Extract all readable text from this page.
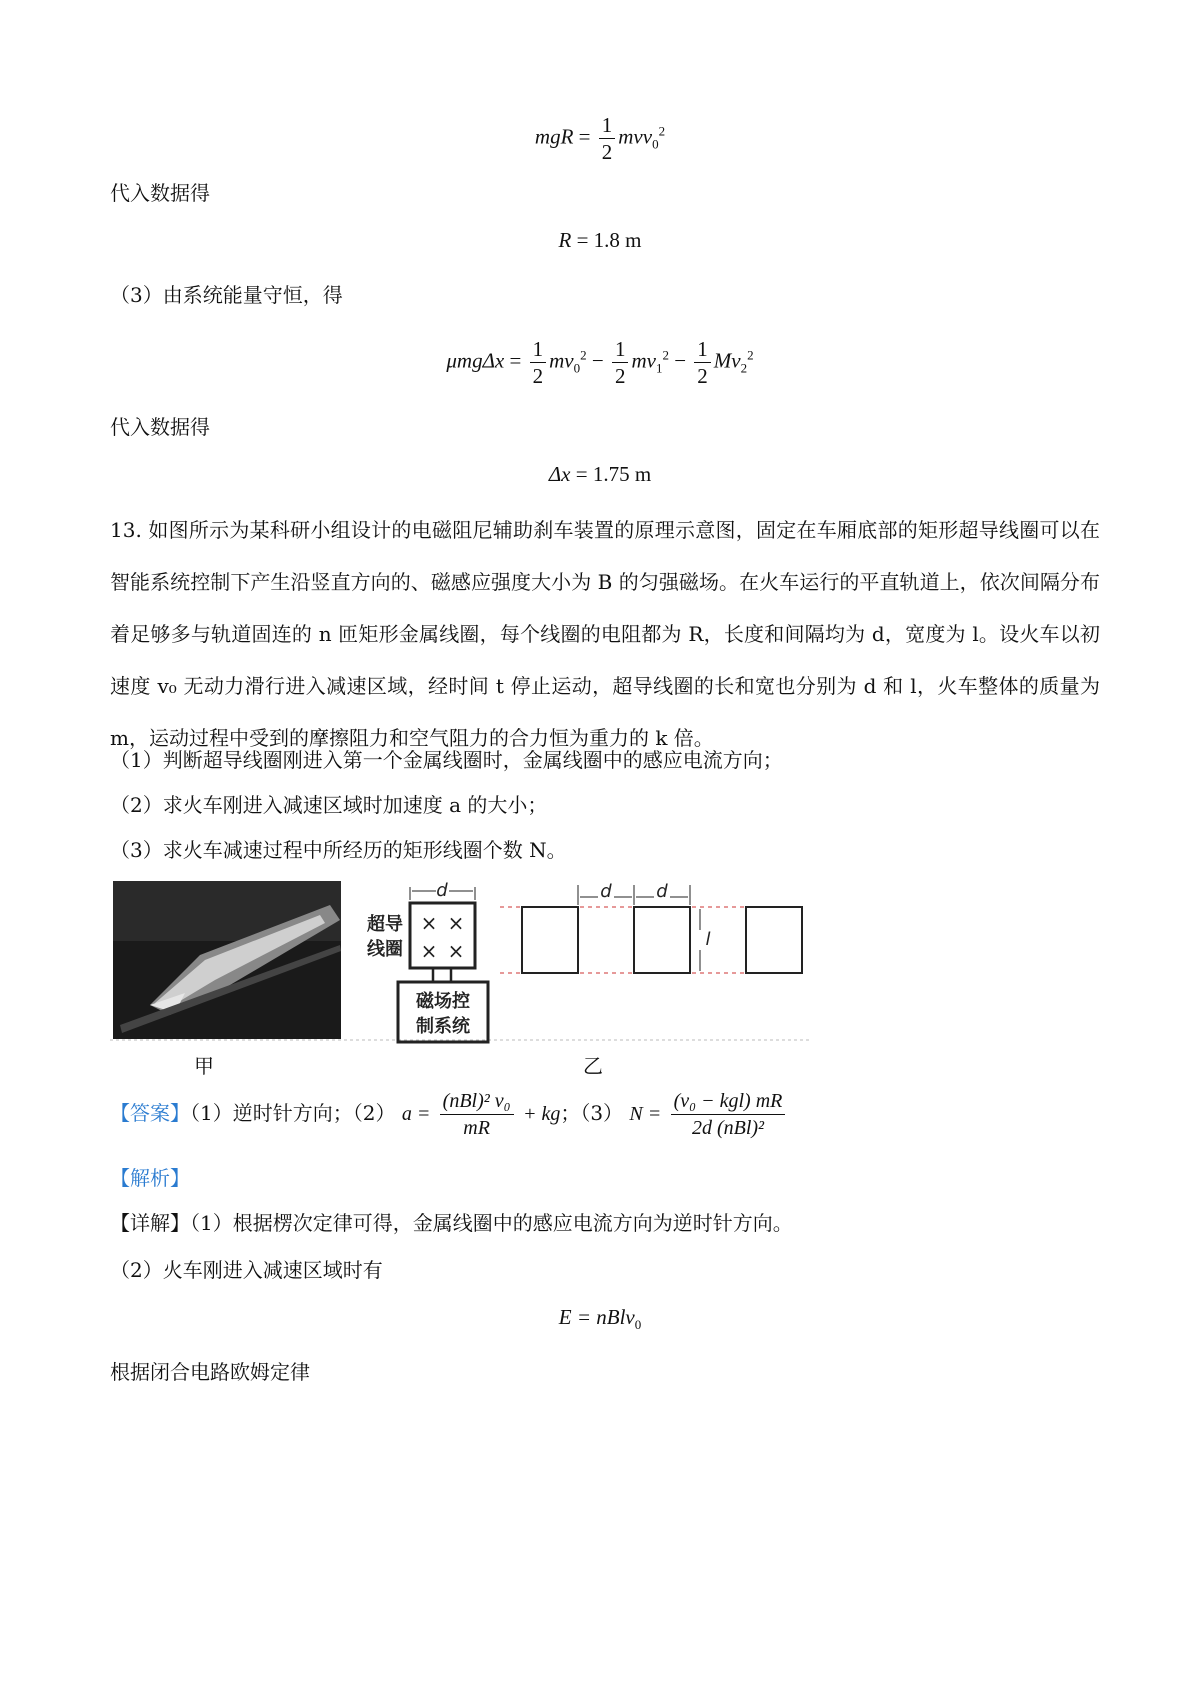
mgR = $\frac{1}{2} mvv_0^2$
代入数据得
R = 1.8 m
（3）由系统能量守恒，得
$\mu mg\Delta x = \frac{1}{2} mv_0^2 - \frac{1}{2} mv_1^2 - \frac{1}{2} Mv_2^2$
代入数据得
Δx = 1.75 m
13. 如图所示为某科研小组设计的电磁阻尼辅助刹车装置的原理示意图，固定在车厢底部的矩形超导线圈可以在智能系统控制下产生沿竖直方向的、磁感应强度大小为 B 的匀强磁场。在火车运行的平直轨道上，依次间隔分布着足够多与轨道固连的 n 匝矩形金属线圈，每个线圈的电阻都为 R，长度和间隔均为 d，宽度为 l。设火车以初速度 v₀ 无动力滑行进入减速区域，经时间 t 停止运动，超导线圈的长和宽也分别为 d 和 l，火车整体的质量为 m，运动过程中受到的摩擦阻力和空气阻力的合力恒为重力的 k 倍。
（1）判断超导线圈刚进入第一个金属线圈时，金属线圈中的感应电流方向；
（2）求火车刚进入减速区域时加速度 a 的大小；
（3）求火车减速过程中所经历的矩形线圈个数 N。
d
× ×
× ×
超导
线圈
磁场控
制系统
d d
l
甲	乙
【答案】（1）逆时针方向；（2） $a = \frac{\text{(nBl)² v₀}}{mR}$ + kg；（3） $N = \frac{\text{(v₀ − kgl) mR}}{\text{2d (nBl)²}}$
【解析】
【详解】（1）根据楞次定律可得，金属线圈中的感应电流方向为逆时针方向。
（2）火车刚进入减速区域时有
E = nBlv$_0$
根据闭合电路欧姆定律
